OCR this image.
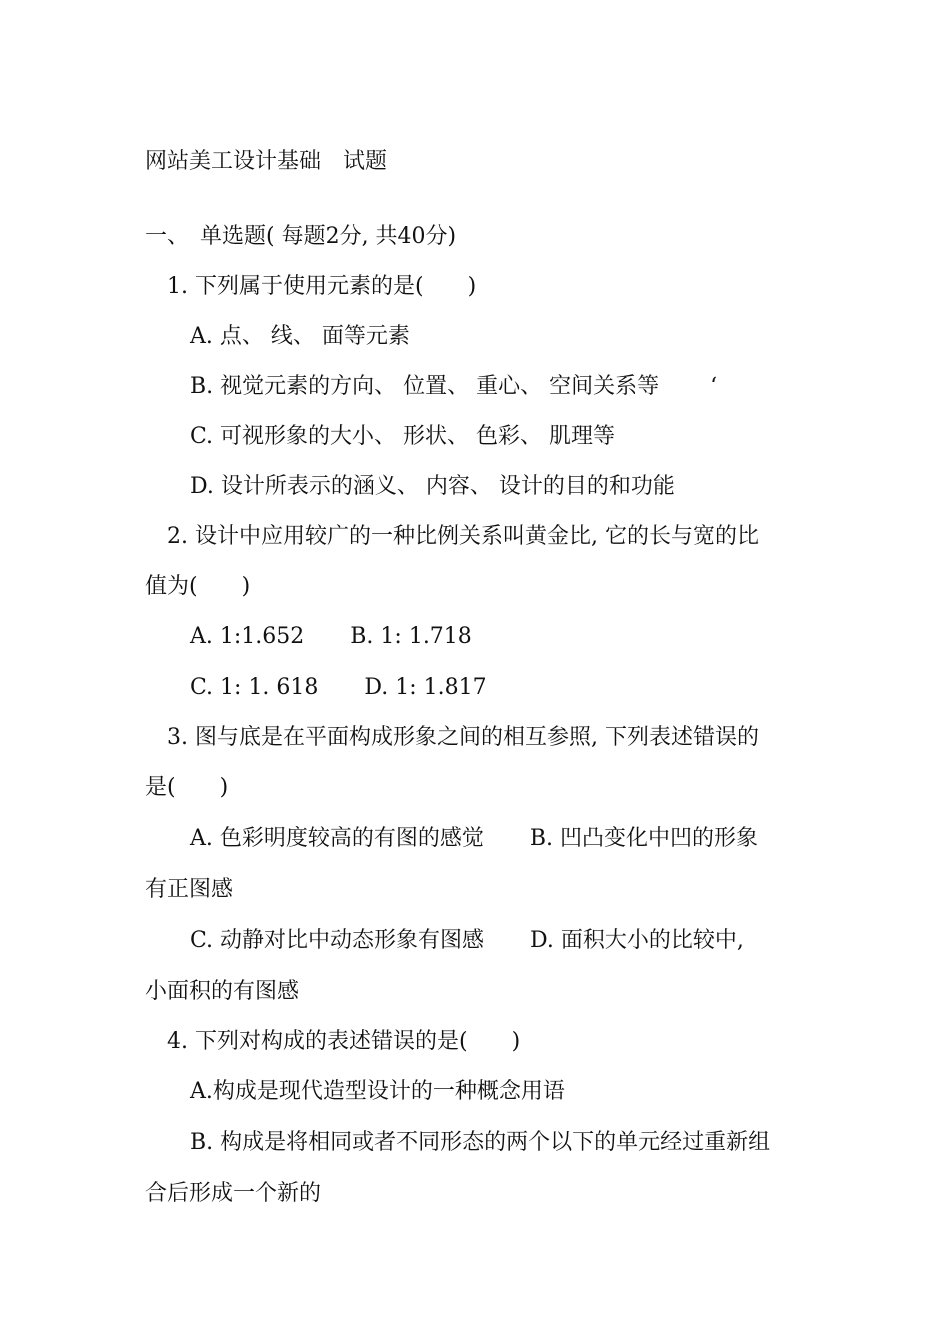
网站美工设计基础　试题
一、　单选题( 每题2分, 共40分)
1. 下列属于使用元素的是(　　)
A. 点、 线、 面等元素
B. 视觉元素的方向、 位置、 重心、 空间关系等　　 ‘
C. 可视形象的大小、 形状、 色彩、 肌理等
D. 设计所表示的涵义、 内容、 设计的目的和功能
2. 设计中应用较广的一种比例关系叫黄金比, 它的长与宽的比
值为(　　)
A. 1:1.652 B. 1: 1.718
C. 1: 1. 618 D. 1: 1.817
3. 图与底是在平面构成形象之间的相互参照, 下列表述错误的
是(　　)
A. 色彩明度较高的有图的感觉 B. 凹凸变化中凹的形象
有正图感
C. 动静对比中动态形象有图感 D. 面积大小的比较中,
小面积的有图感
4. 下列对构成的表述错误的是(　　)
A.构成是现代造型设计的一种概念用语
B. 构成是将相同或者不同形态的两个以下的单元经过重新组
合后形成一个新的
